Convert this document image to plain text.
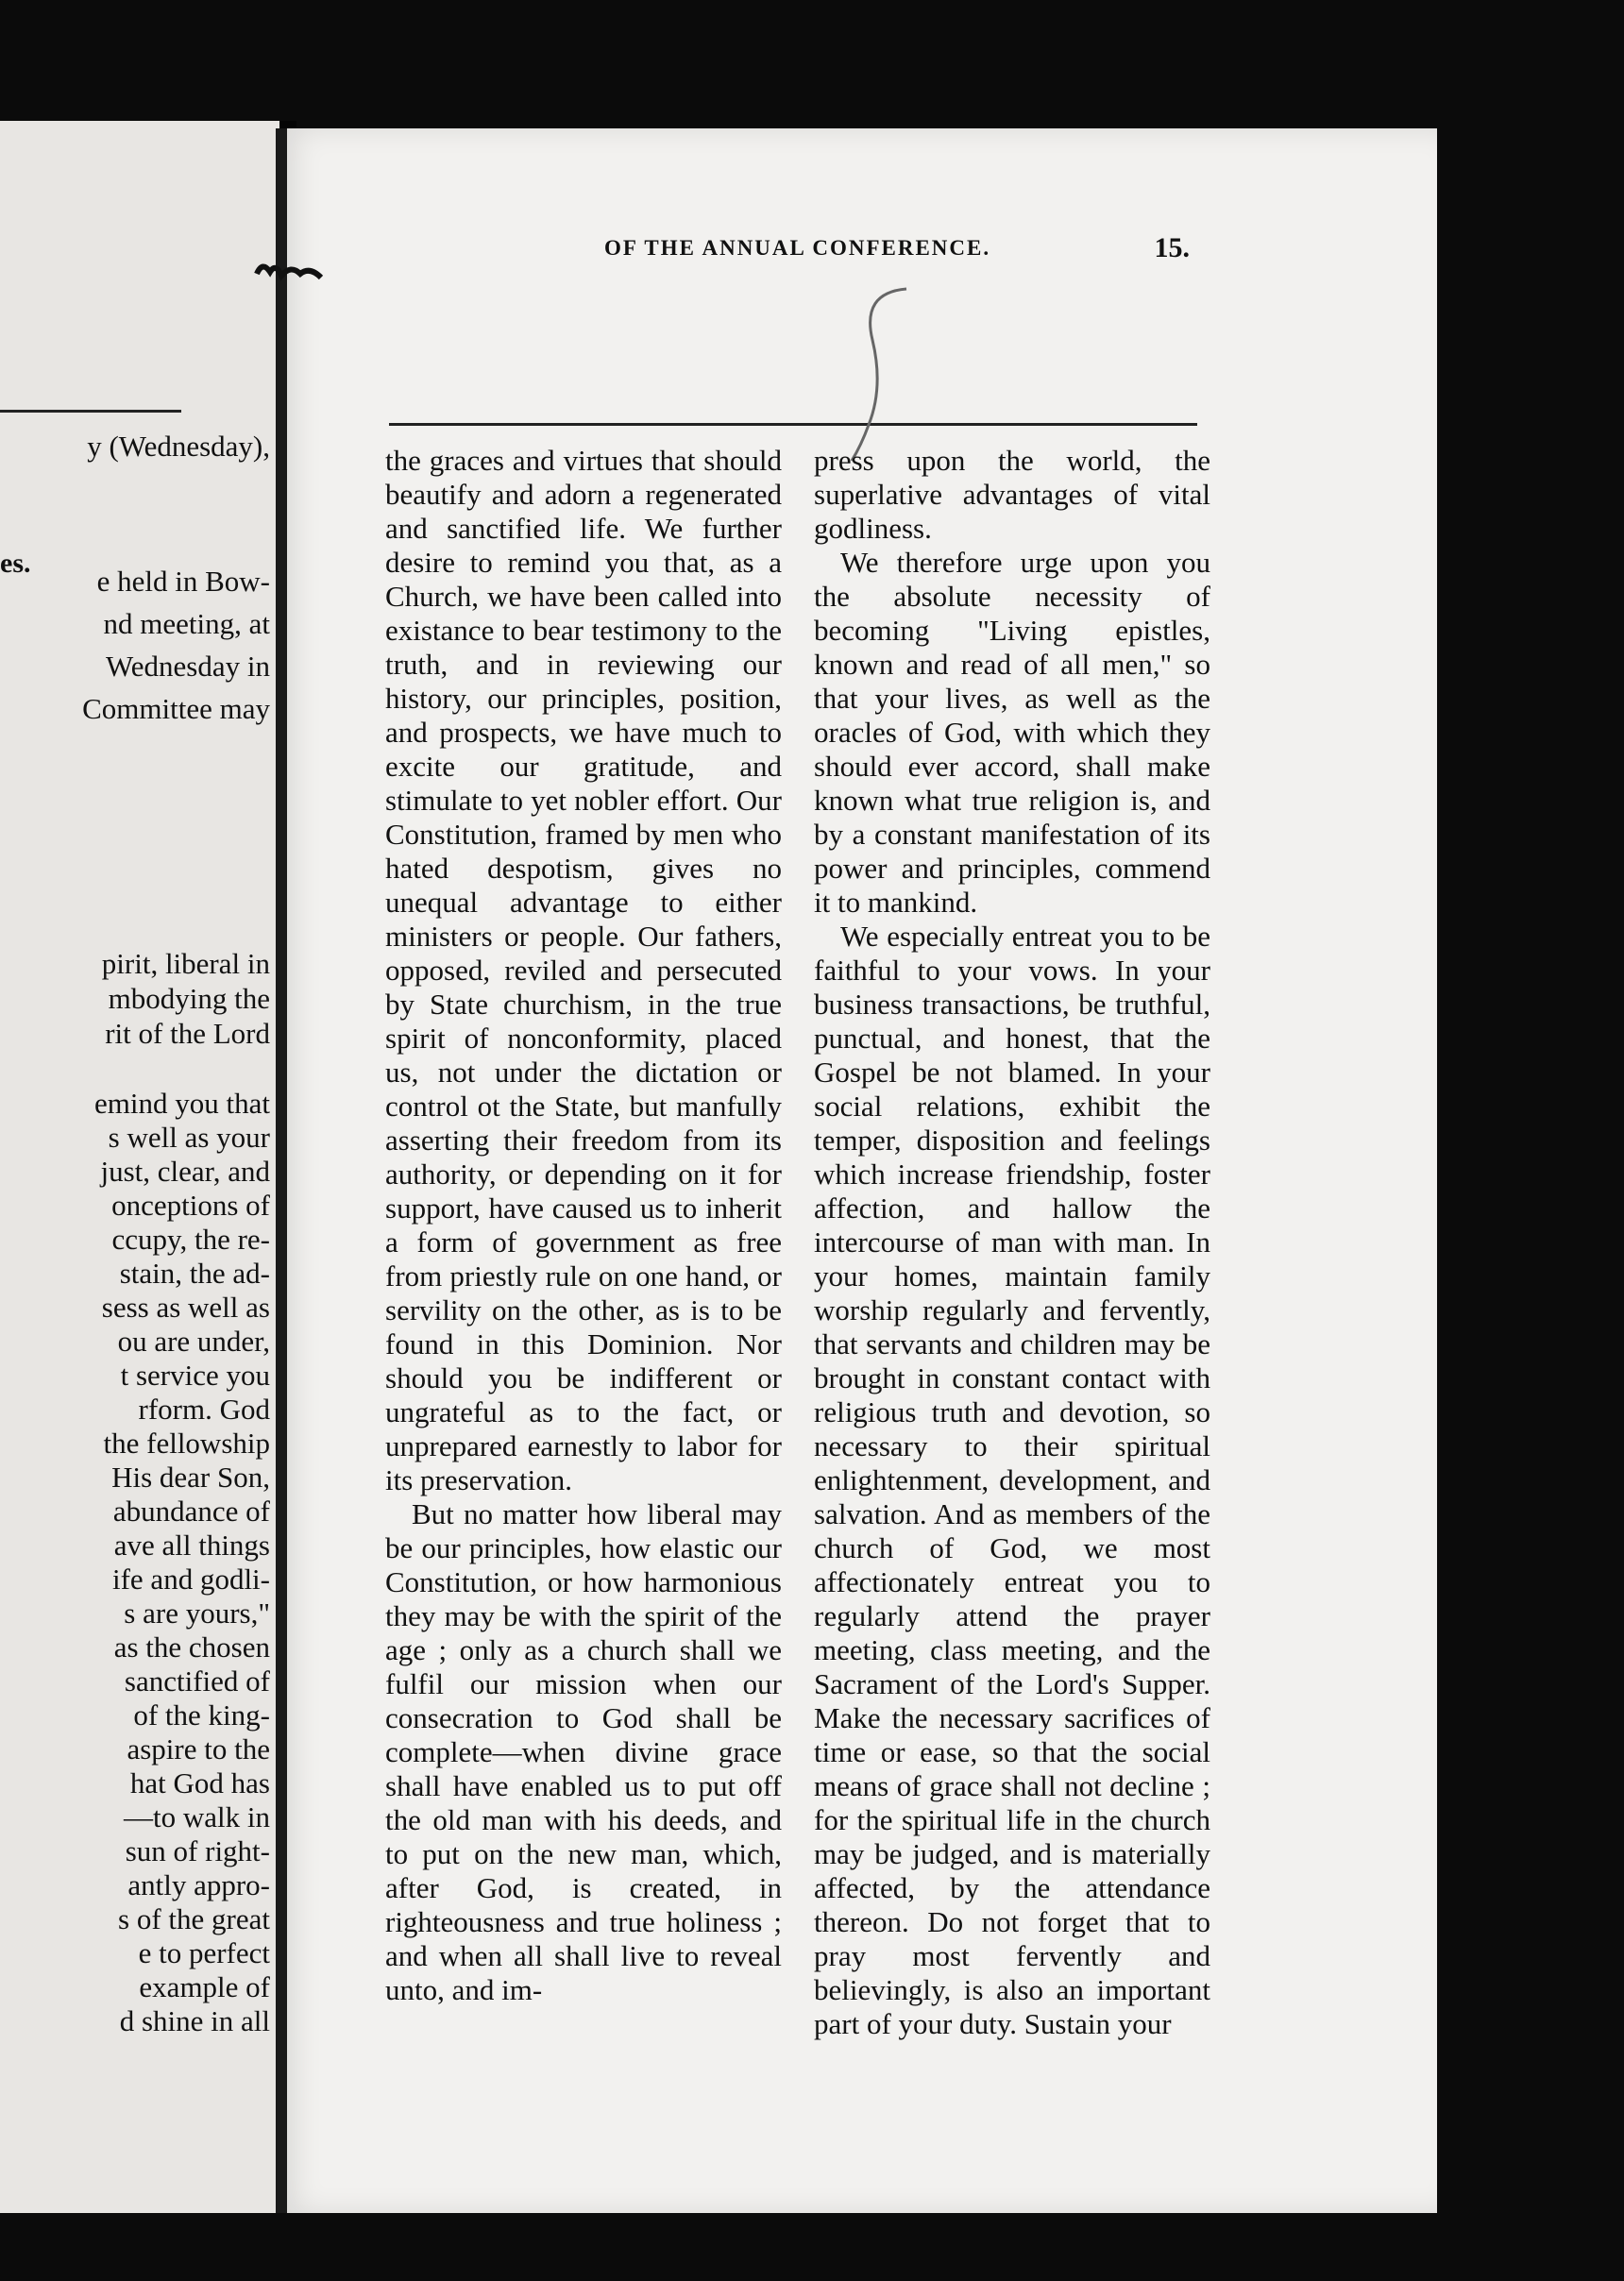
y (Wednesday),
e held in Bow-
nd meeting, at
Wednesday in
Committee may
pirit, liberal in
mbodying the
rit of the Lord
emind you that
s well as your
just, clear, and
onceptions of
ccupy, the re-
stain, the ad-
sess as well as
ou are under,
t service you
rform. God
the fellowship
His dear Son,
abundance of
ave all things
ife and godli-
s are yours,"
as the chosen
sanctified of
of the king-
aspire to the
hat God has
—to walk in
sun of right-
antly appro-
s of the great
e to perfect
example of
d shine in all
es.
OF THE ANNUAL CONFERENCE.	15.

the graces and virtues that should beautify and adorn a regenerated and sanctified life. We further desire to remind you that, as a Church, we have been called into existance to bear testimony to the truth, and in reviewing our history, our principles, position, and prospects, we have much to excite our gratitude, and stimulate to yet nobler effort. Our Constitution, framed by men who hated despotism, gives no unequal advantage to either ministers or people. Our fathers, opposed, reviled and persecuted by State churchism, in the true spirit of nonconformity, placed us, not under the dictation or control ot the State, but manfully asserting their freedom from its authority, or depending on it for support, have caused us to inherit a form of government as free from priestly rule on one hand, or servility on the other, as is to be found in this Dominion. Nor should you be indifferent or ungrateful as to the fact, or unprepared earnestly to labor for its preservation.

But no matter how liberal may be our principles, how elastic our Constitution, or how harmonious they may be with the spirit of the age ; only as a church shall we fulfil our mission when our consecration to God shall be complete—when divine grace shall have enabled us to put off the old man with his deeds, and to put on the new man, which, after God, is created, in righteousness and true holiness ; and when all shall live to reveal unto, and im-

press upon the world, the superlative advantages of vital godliness.

We therefore urge upon you the absolute necessity of becoming "Living epistles, known and read of all men," so that your lives, as well as the oracles of God, with which they should ever accord, shall make known what true religion is, and by a constant manifestation of its power and principles, commend it to mankind.

We especially entreat you to be faithful to your vows. In your business transactions, be truthful, punctual, and honest, that the Gospel be not blamed. In your social relations, exhibit the temper, disposition and feelings which increase friendship, foster affection, and hallow the intercourse of man with man. In your homes, maintain family worship regularly and fervently, that servants and children may be brought in constant contact with religious truth and devotion, so necessary to their spiritual enlightenment, development, and salvation. And as members of the church of God, we most affectionately entreat you to regularly attend the prayer meeting, class meeting, and the Sacrament of the Lord's Supper. Make the necessary sacrifices of time or ease, so that the social means of grace shall not decline ; for the spiritual life in the church may be judged, and is materially affected, by the attendance thereon. Do not forget that to pray most fervently and believingly, is also an important part of your duty. Sustain your
